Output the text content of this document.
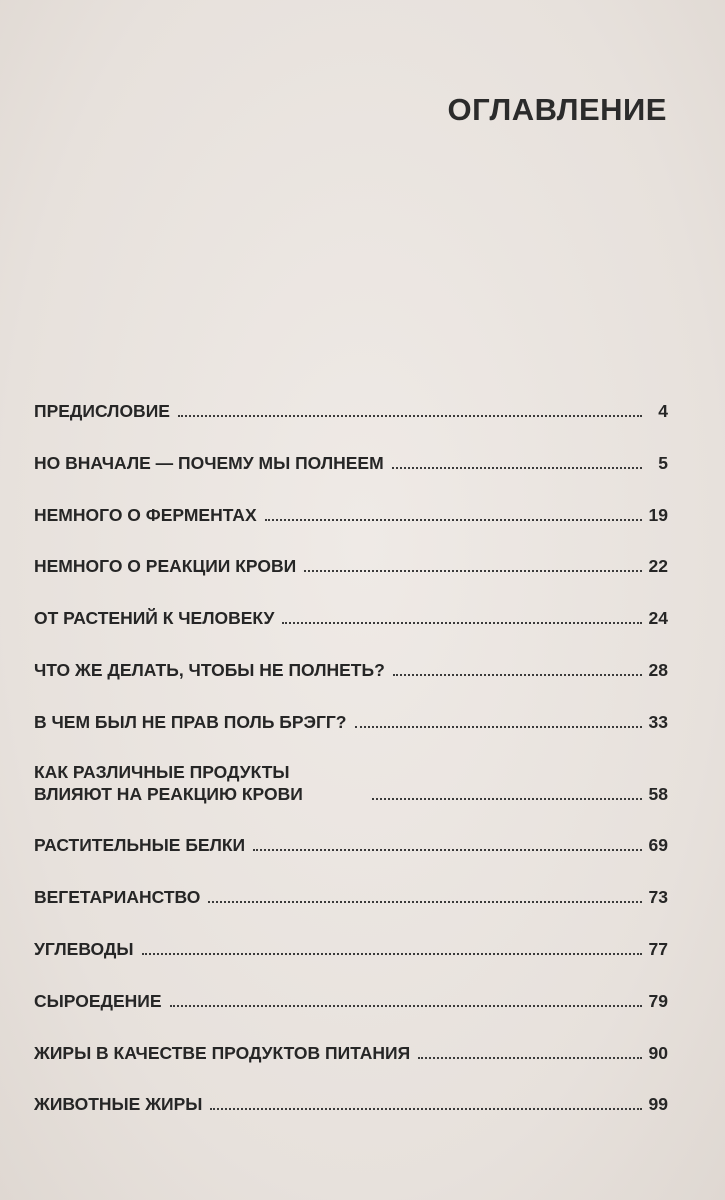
ОГЛАВЛЕНИЕ
ПРЕДИСЛОВИЕ	4
НО ВНАЧАЛЕ — ПОЧЕМУ МЫ ПОЛНЕЕМ	5
НЕМНОГО О ФЕРМЕНТАХ	19
НЕМНОГО О РЕАКЦИИ КРОВИ	22
ОТ РАСТЕНИЙ К ЧЕЛОВЕКУ	24
ЧТО ЖЕ ДЕЛАТЬ, ЧТОБЫ НЕ ПОЛНЕТЬ?	28
В ЧЕМ БЫЛ НЕ ПРАВ ПОЛЬ БРЭГГ?	33
КАК РАЗЛИЧНЫЕ ПРОДУКТЫ ВЛИЯЮТ НА РЕАКЦИЮ КРОВИ	58
РАСТИТЕЛЬНЫЕ БЕЛКИ	69
ВЕГЕТАРИАНСТВО	73
УГЛЕВОДЫ	77
СЫРОЕДЕНИЕ	79
ЖИРЫ В КАЧЕСТВЕ ПРОДУКТОВ ПИТАНИЯ	90
ЖИВОТНЫЕ ЖИРЫ	99
